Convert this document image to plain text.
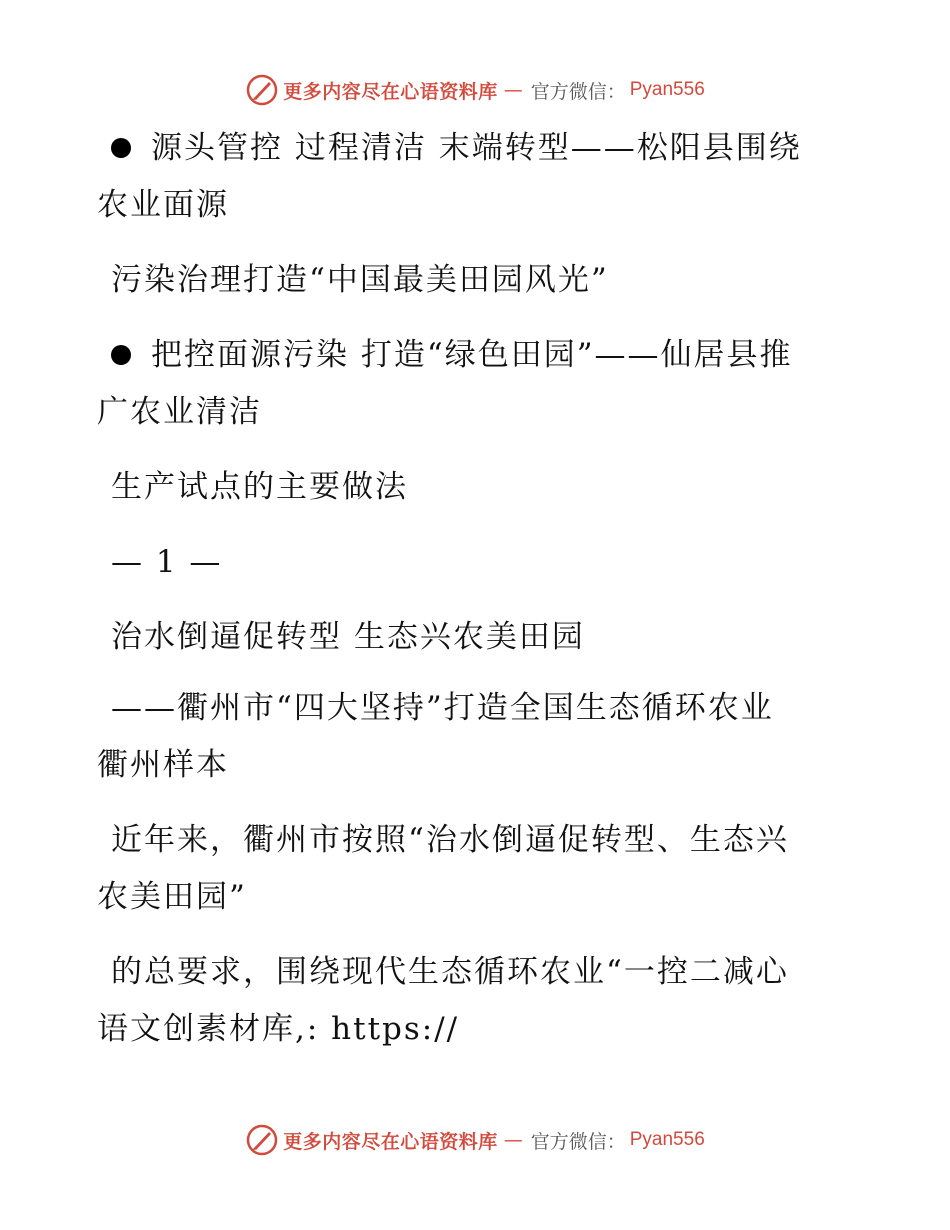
更多内容尽在心语资料库 — 官方微信： Pyan556

源头管控 过程清洁 末端转型——松阳县围绕
农业面源

污染治理打造“中国最美田园风光”

把控面源污染 打造“绿色田园”——仙居县推
广农业清洁

生产试点的主要做法

— 1 —

治水倒逼促转型 生态兴农美田园

——衢州市“四大坚持”打造全国生态循环农业
衢州样本

近年来，衢州市按照“治水倒逼促转型、生态兴
农美田园”

的总要求，围绕现代生态循环农业“一控二减心
语文创素材库,: https://

更多内容尽在心语资料库 — 官方微信： Pyan556
